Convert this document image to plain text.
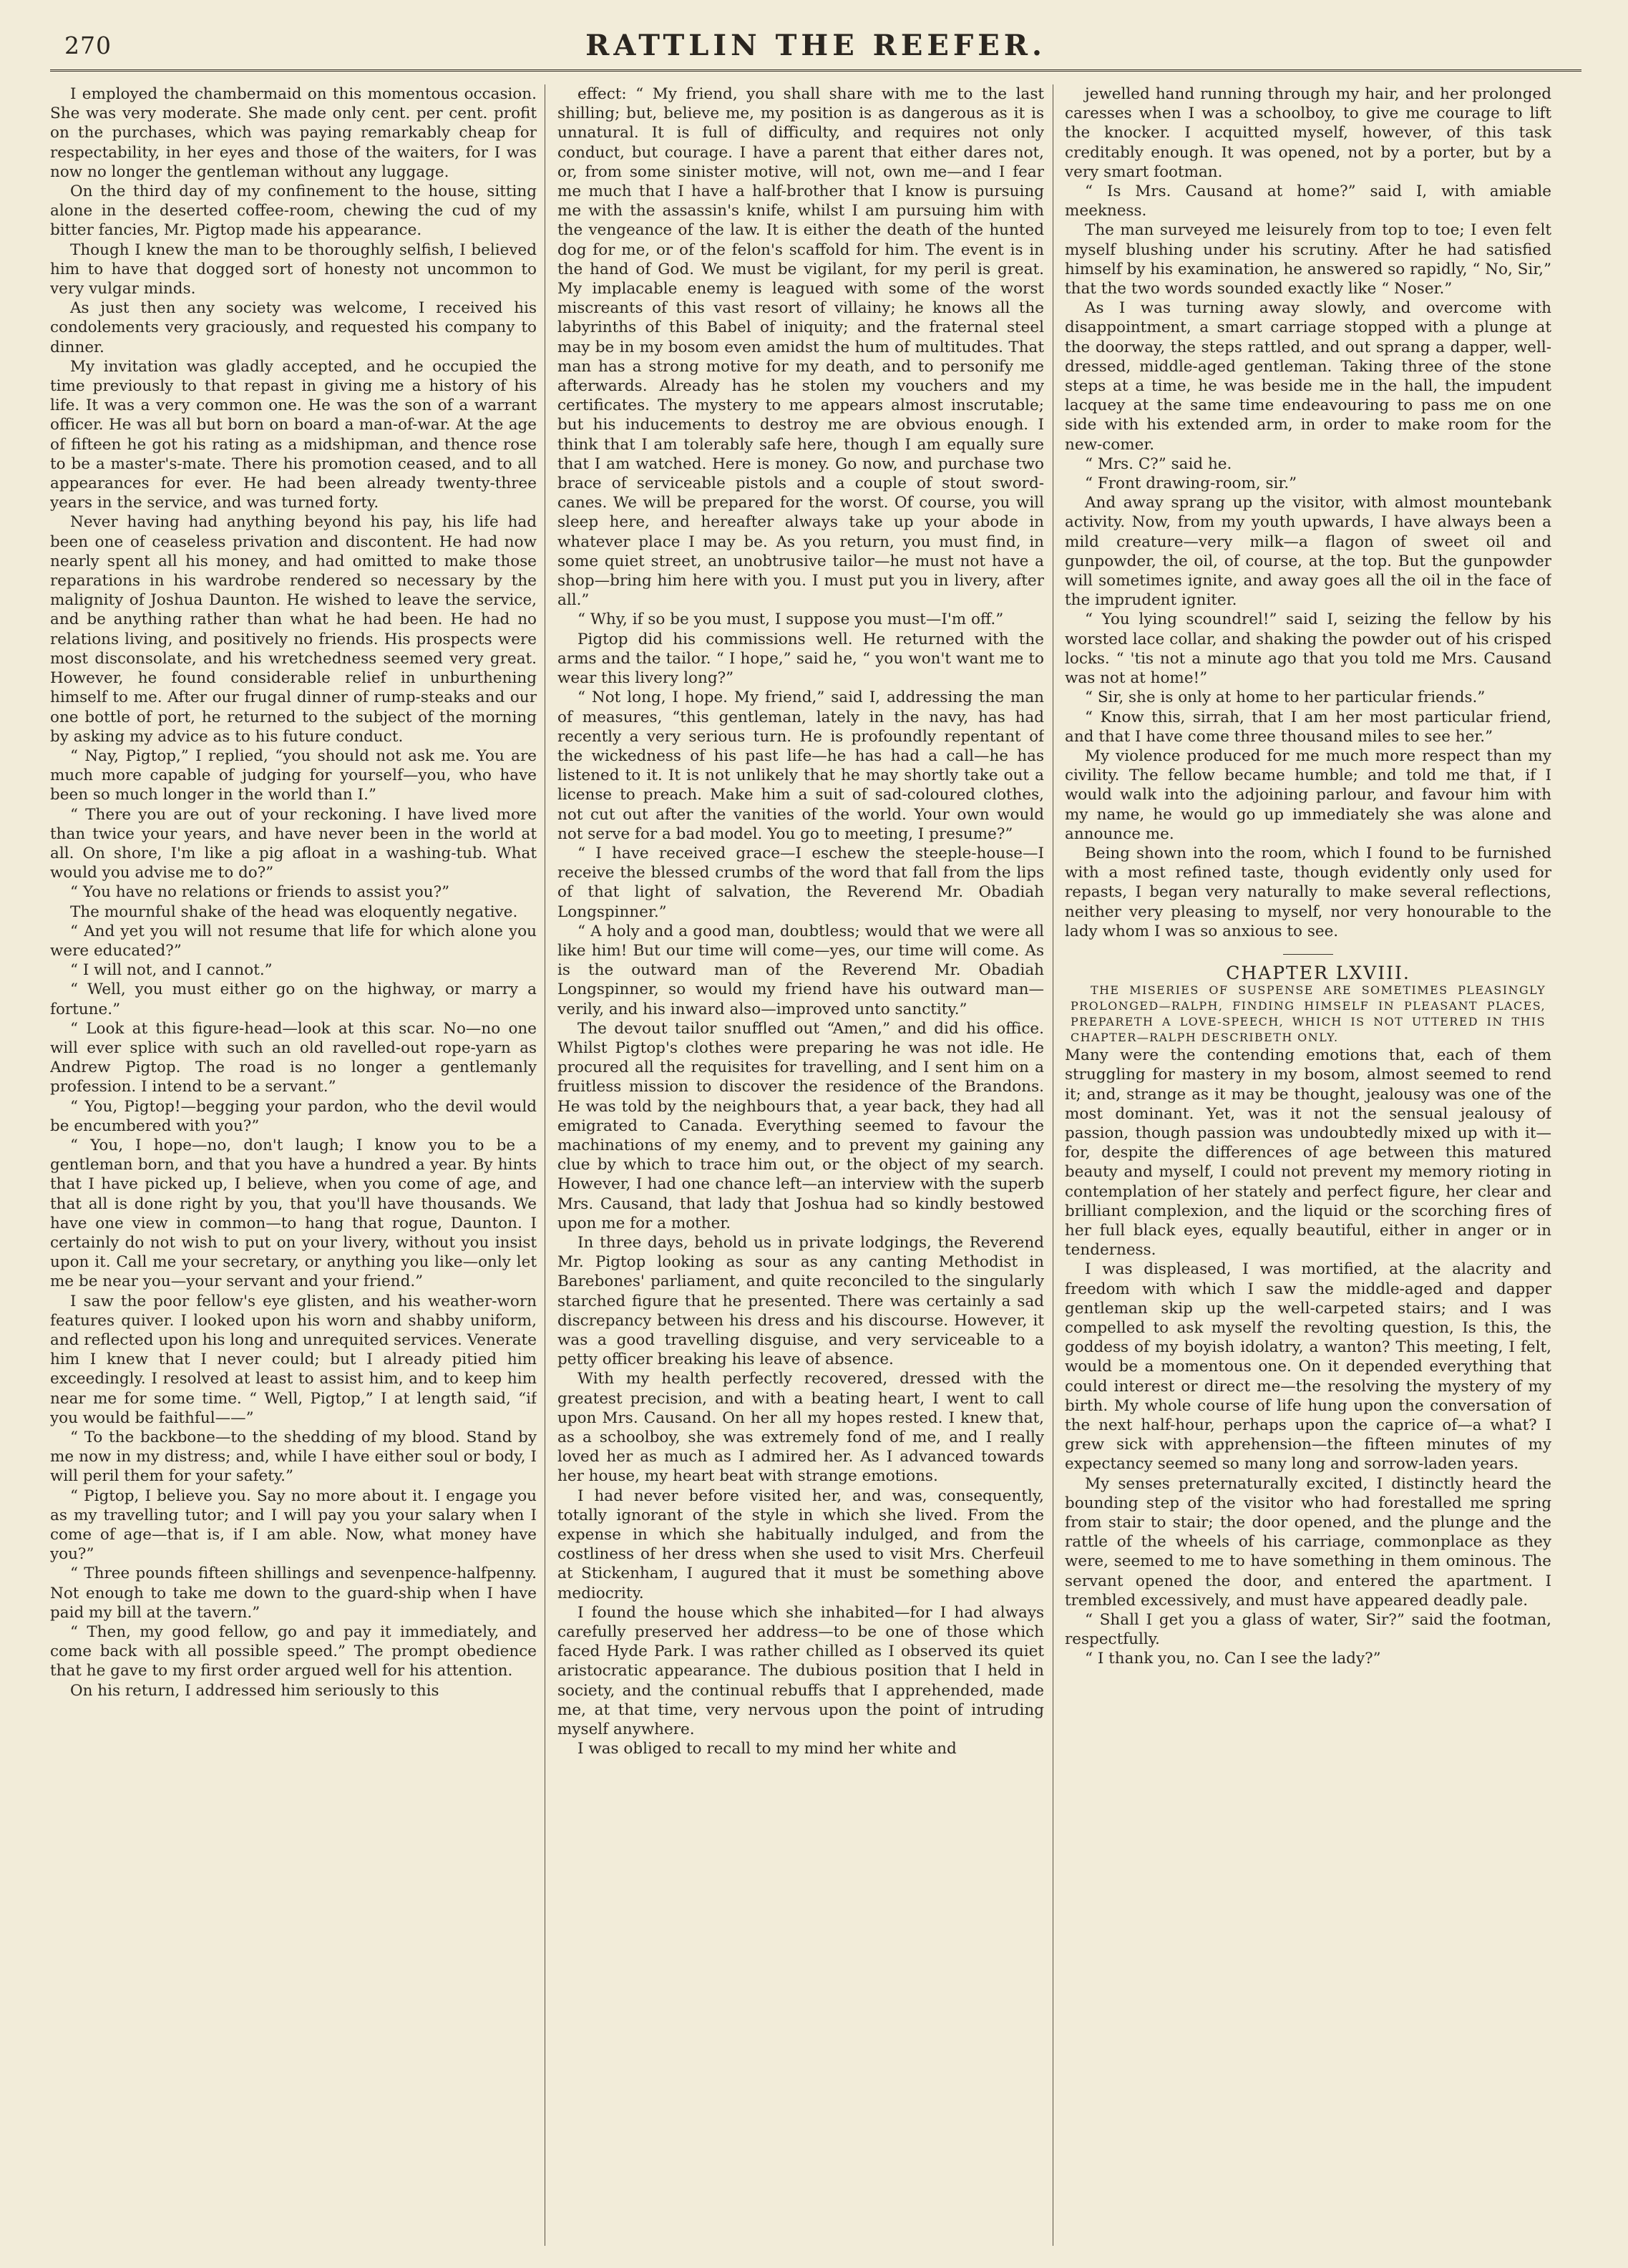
270	RATTLIN THE REEFER.

I employed the chambermaid on this momentous occasion. She was very moderate. She made only cent. per cent. profit on the purchases, which was paying remarkably cheap for respectability, in her eyes and those of the waiters, for I was now no longer the gentleman without any luggage.

On the third day of my confinement to the house, sitting alone in the deserted coffee-room, chewing the cud of my bitter fancies, Mr. Pigtop made his appearance.

Though I knew the man to be thoroughly selfish, I believed him to have that dogged sort of honesty not uncommon to very vulgar minds.

As just then any society was welcome, I received his condolements very graciously, and requested his company to dinner.

My invitation was gladly accepted, and he occupied the time previously to that repast in giving me a history of his life. It was a very common one. He was the son of a warrant officer. He was all but born on board a man-of-war. At the age of fifteen he got his rating as a midshipman, and thence rose to be a master's-mate. There his promotion ceased, and to all appearances for ever. He had been already twenty-three years in the service, and was turned forty.

Never having had anything beyond his pay, his life had been one of ceaseless privation and discontent. He had now nearly spent all his money, and had omitted to make those reparations in his wardrobe rendered so necessary by the malignity of Joshua Daunton. He wished to leave the service, and be anything rather than what he had been. He had no relations living, and positively no friends. His prospects were most disconsolate, and his wretchedness seemed very great. However, he found considerable relief in unburthening himself to me. After our frugal dinner of rump-steaks and our one bottle of port, he returned to the subject of the morning by asking my advice as to his future conduct.

“ Nay, Pigtop,” I replied, “you should not ask me. You are much more capable of judging for yourself—you, who have been so much longer in the world than I.”

“ There you are out of your reckoning. I have lived more than twice your years, and have never been in the world at all. On shore, I'm like a pig afloat in a washing-tub. What would you advise me to do?”

“ You have no relations or friends to assist you?”

The mournful shake of the head was eloquently negative.

“ And yet you will not resume that life for which alone you were educated?”

“ I will not, and I cannot.”

“ Well, you must either go on the highway, or marry a fortune.”

“ Look at this figure-head—look at this scar. No—no one will ever splice with such an old ravelled-out rope-yarn as Andrew Pigtop. The road is no longer a gentlemanly profession. I intend to be a servant.”

“ You, Pigtop!—begging your pardon, who the devil would be encumbered with you?”

“ You, I hope—no, don't laugh; I know you to be a gentleman born, and that you have a hundred a year. By hints that I have picked up, I believe, when you come of age, and that all is done right by you, that you'll have thousands. We have one view in common—to hang that rogue, Daunton. I certainly do not wish to put on your livery, without you insist upon it. Call me your secretary, or anything you like—only let me be near you—your servant and your friend.”

I saw the poor fellow's eye glisten, and his weather-worn features quiver. I looked upon his worn and shabby uniform, and reflected upon his long and unrequited services. Venerate him I knew that I never could; but I already pitied him exceedingly. I resolved at least to assist him, and to keep him near me for some time. “ Well, Pigtop,” I at length said, “if you would be faithful——”

“ To the backbone—to the shedding of my blood. Stand by me now in my distress; and, while I have either soul or body, I will peril them for your safety.”

“ Pigtop, I believe you. Say no more about it. I engage you as my travelling tutor; and I will pay you your salary when I come of age—that is, if I am able. Now, what money have you?”

“ Three pounds fifteen shillings and sevenpence-halfpenny. Not enough to take me down to the guard-ship when I have paid my bill at the tavern.”

“ Then, my good fellow, go and pay it immediately, and come back with all possible speed.” The prompt obedience that he gave to my first order argued well for his attention.

On his return, I addressed him seriously to this

effect: “ My friend, you shall share with me to the last shilling; but, believe me, my position is as dangerous as it is unnatural. It is full of difficulty, and requires not only conduct, but courage. I have a parent that either dares not, or, from some sinister motive, will not, own me—and I fear me much that I have a half-brother that I know is pursuing me with the assassin's knife, whilst I am pursuing him with the vengeance of the law. It is either the death of the hunted dog for me, or of the felon's scaffold for him. The event is in the hand of God. We must be vigilant, for my peril is great. My implacable enemy is leagued with some of the worst miscreants of this vast resort of villainy; he knows all the labyrinths of this Babel of iniquity; and the fraternal steel may be in my bosom even amidst the hum of multitudes. That man has a strong motive for my death, and to personify me afterwards. Already has he stolen my vouchers and my certificates. The mystery to me appears almost inscrutable; but his inducements to destroy me are obvious enough. I think that I am tolerably safe here, though I am equally sure that I am watched. Here is money. Go now, and purchase two brace of serviceable pistols and a couple of stout sword-canes. We will be prepared for the worst. Of course, you will sleep here, and hereafter always take up your abode in whatever place I may be. As you return, you must find, in some quiet street, an unobtrusive tailor—he must not have a shop—bring him here with you. I must put you in livery, after all.”

“ Why, if so be you must, I suppose you must—I'm off.”

Pigtop did his commissions well. He returned with the arms and the tailor. “ I hope,” said he, “ you won't want me to wear this livery long?”

“ Not long, I hope. My friend,” said I, addressing the man of measures, “this gentleman, lately in the navy, has had recently a very serious turn. He is profoundly repentant of the wickedness of his past life—he has had a call—he has listened to it. It is not unlikely that he may shortly take out a license to preach. Make him a suit of sad-coloured clothes, not cut out after the vanities of the world. Your own would not serve for a bad model. You go to meeting, I presume?”

“ I have received grace—I eschew the steeple-house—I receive the blessed crumbs of the word that fall from the lips of that light of salvation, the Reverend Mr. Obadiah Longspinner.”

“ A holy and a good man, doubtless; would that we were all like him! But our time will come—yes, our time will come. As is the outward man of the Reverend Mr. Obadiah Longspinner, so would my friend have his outward man—verily, and his inward also—improved unto sanctity.”

The devout tailor snuffled out “Amen,” and did his office. Whilst Pigtop's clothes were preparing he was not idle. He procured all the requisites for travelling, and I sent him on a fruitless mission to discover the residence of the Brandons. He was told by the neighbours that, a year back, they had all emigrated to Canada. Everything seemed to favour the machinations of my enemy, and to prevent my gaining any clue by which to trace him out, or the object of my search. However, I had one chance left—an interview with the superb Mrs. Causand, that lady that Joshua had so kindly bestowed upon me for a mother.

In three days, behold us in private lodgings, the Reverend Mr. Pigtop looking as sour as any canting Methodist in Barebones' parliament, and quite reconciled to the singularly starched figure that he presented. There was certainly a sad discrepancy between his dress and his discourse. However, it was a good travelling disguise, and very serviceable to a petty officer breaking his leave of absence.

With my health perfectly recovered, dressed with the greatest precision, and with a beating heart, I went to call upon Mrs. Causand. On her all my hopes rested. I knew that, as a schoolboy, she was extremely fond of me, and I really loved her as much as I admired her. As I advanced towards her house, my heart beat with strange emotions.

I had never before visited her, and was, consequently, totally ignorant of the style in which she lived. From the expense in which she habitually indulged, and from the costliness of her dress when she used to visit Mrs. Cherfeuil at Stickenham, I augured that it must be something above mediocrity.

I found the house which she inhabited—for I had always carefully preserved her address—to be one of those which faced Hyde Park. I was rather chilled as I observed its quiet aristocratic appearance. The dubious position that I held in society, and the continual rebuffs that I apprehended, made me, at that time, very nervous upon the point of intruding myself anywhere.

I was obliged to recall to my mind her white and

jewelled hand running through my hair, and her prolonged caresses when I was a schoolboy, to give me courage to lift the knocker. I acquitted myself, however, of this task creditably enough. It was opened, not by a porter, but by a very smart footman.

“ Is Mrs. Causand at home?” said I, with amiable meekness.

The man surveyed me leisurely from top to toe; I even felt myself blushing under his scrutiny. After he had satisfied himself by his examination, he answered so rapidly, “ No, Sir,” that the two words sounded exactly like “ Noser.”

As I was turning away slowly, and overcome with disappointment, a smart carriage stopped with a plunge at the doorway, the steps rattled, and out sprang a dapper, well-dressed, middle-aged gentleman. Taking three of the stone steps at a time, he was beside me in the hall, the impudent lacquey at the same time endeavouring to pass me on one side with his extended arm, in order to make room for the new-comer.

“ Mrs. C?” said he.

“ Front drawing-room, sir.”

And away sprang up the visitor, with almost mountebank activity. Now, from my youth upwards, I have always been a mild creature—very milk—a flagon of sweet oil and gunpowder, the oil, of course, at the top. But the gunpowder will sometimes ignite, and away goes all the oil in the face of the imprudent igniter.

“ You lying scoundrel!” said I, seizing the fellow by his worsted lace collar, and shaking the powder out of his crisped locks. “ 'tis not a minute ago that you told me Mrs. Causand was not at home!”

“ Sir, she is only at home to her particular friends.”

“ Know this, sirrah, that I am her most particular friend, and that I have come three thousand miles to see her.”

My violence produced for me much more respect than my civility. The fellow became humble; and told me that, if I would walk into the adjoining parlour, and favour him with my name, he would go up immediately she was alone and announce me.

Being shown into the room, which I found to be furnished with a most refined taste, though evidently only used for repasts, I began very naturally to make several reflections, neither very pleasing to myself, nor very honourable to the lady whom I was so anxious to see.

CHAPTER LXVIII.

THE MISERIES OF SUSPENSE ARE SOMETIMES PLEASINGLY PROLONGED—RALPH, FINDING HIMSELF IN PLEASANT PLACES, PREPARETH A LOVE-SPEECH, WHICH IS NOT UTTERED IN THIS CHAPTER—RALPH DESCRIBETH ONLY.

Many were the contending emotions that, each of them struggling for mastery in my bosom, almost seemed to rend it; and, strange as it may be thought, jealousy was one of the most dominant. Yet, was it not the sensual jealousy of passion, though passion was undoubtedly mixed up with it—for, despite the differences of age between this matured beauty and myself, I could not prevent my memory rioting in contemplation of her stately and perfect figure, her clear and brilliant complexion, and the liquid or the scorching fires of her full black eyes, equally beautiful, either in anger or in tenderness.

I was displeased, I was mortified, at the alacrity and freedom with which I saw the middle-aged and dapper gentleman skip up the well-carpeted stairs; and I was compelled to ask myself the revolting question, Is this, the goddess of my boyish idolatry, a wanton? This meeting, I felt, would be a momentous one. On it depended everything that could interest or direct me—the resolving the mystery of my birth. My whole course of life hung upon the conversation of the next half-hour, perhaps upon the caprice of—a what? I grew sick with apprehension—the fifteen minutes of my expectancy seemed so many long and sorrow-laden years.

My senses preternaturally excited, I distinctly heard the bounding step of the visitor who had forestalled me spring from stair to stair; the door opened, and the plunge and the rattle of the wheels of his carriage, commonplace as they were, seemed to me to have something in them ominous. The servant opened the door, and entered the apartment. I trembled excessively, and must have appeared deadly pale.

“ Shall I get you a glass of water, Sir?” said the footman, respectfully.

“ I thank you, no. Can I see the lady?”
